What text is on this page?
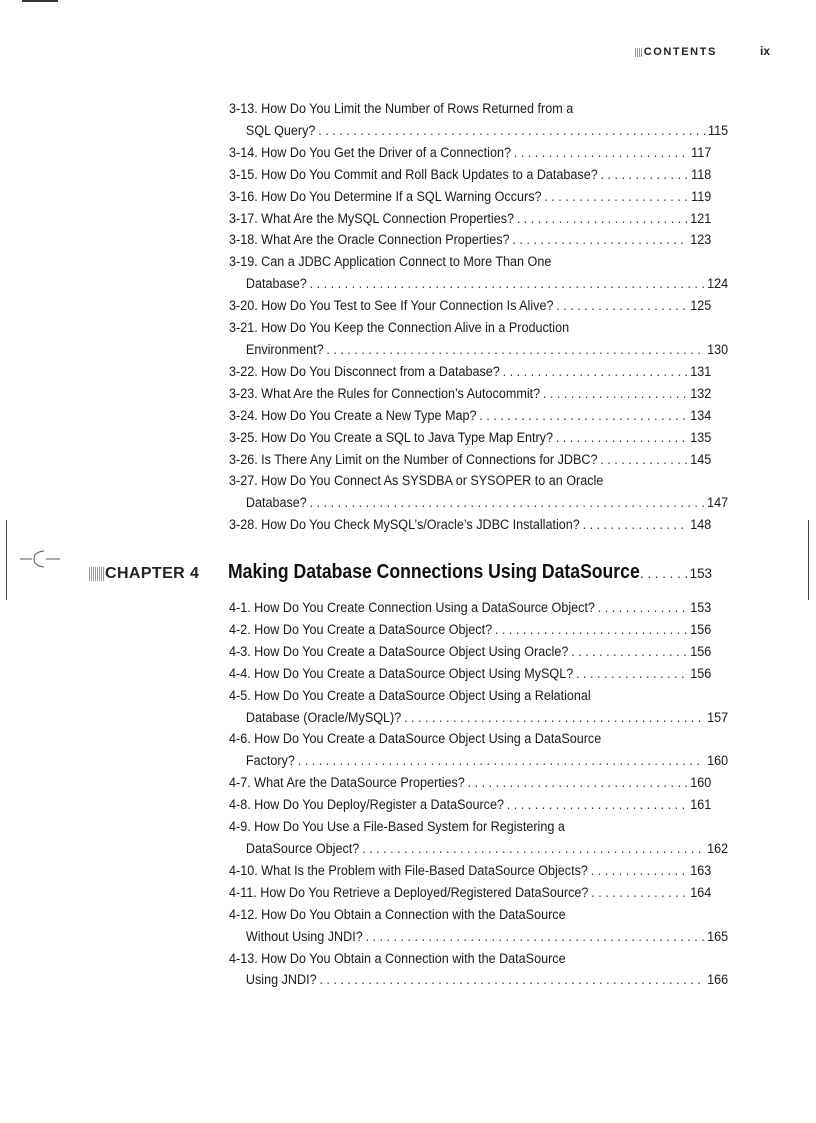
CONTENTS	ix
3-13. How Do You Limit the Number of Rows Returned from a
SQL Query? . . .	115
3-14. How Do You Get the Driver of a Connection? . . .	117
3-15. How Do You Commit and Roll Back Updates to a Database? . . .	118
3-16. How Do You Determine If a SQL Warning Occurs? . . .	119
3-17. What Are the MySQL Connection Properties? . . .	121
3-18. What Are the Oracle Connection Properties? . . .	123
3-19. Can a JDBC Application Connect to More Than One
Database? . . .	124
3-20. How Do You Test to See If Your Connection Is Alive? . . .	125
3-21. How Do You Keep the Connection Alive in a Production
Environment? . . .	130
3-22. How Do You Disconnect from a Database? . . .	131
3-23. What Are the Rules for Connection’s Autocommit? . . .	132
3-24. How Do You Create a New Type Map? . . .	134
3-25. How Do You Create a SQL to Java Type Map Entry? . . .	135
3-26. Is There Any Limit on the Number of Connections for JDBC? . . .	145
3-27. How Do You Connect As SYSDBA or SYSOPER to an Oracle
Database? . . .	147
3-28. How Do You Check MySQL’s/Oracle’s JDBC Installation? . . .	148
CHAPTER 4 Making Database Connections Using DataSource . . .	153
4-1. How Do You Create Connection Using a DataSource Object? . . .	153
4-2. How Do You Create a DataSource Object? . . .	156
4-3. How Do You Create a DataSource Object Using Oracle? . . .	156
4-4. How Do You Create a DataSource Object Using MySQL? . . .	156
4-5. How Do You Create a DataSource Object Using a Relational
Database (Oracle/MySQL)? . . .	157
4-6. How Do You Create a DataSource Object Using a DataSource
Factory? . . .	160
4-7. What Are the DataSource Properties? . . .	160
4-8. How Do You Deploy/Register a DataSource? . . .	161
4-9. How Do You Use a File-Based System for Registering a
DataSource Object? . . .	162
4-10. What Is the Problem with File-Based DataSource Objects? . . .	163
4-11. How Do You Retrieve a Deployed/Registered DataSource? . . .	164
4-12. How Do You Obtain a Connection with the DataSource
Without Using JNDI? . . .	165
4-13. How Do You Obtain a Connection with the DataSource
Using JNDI? . . .	166
